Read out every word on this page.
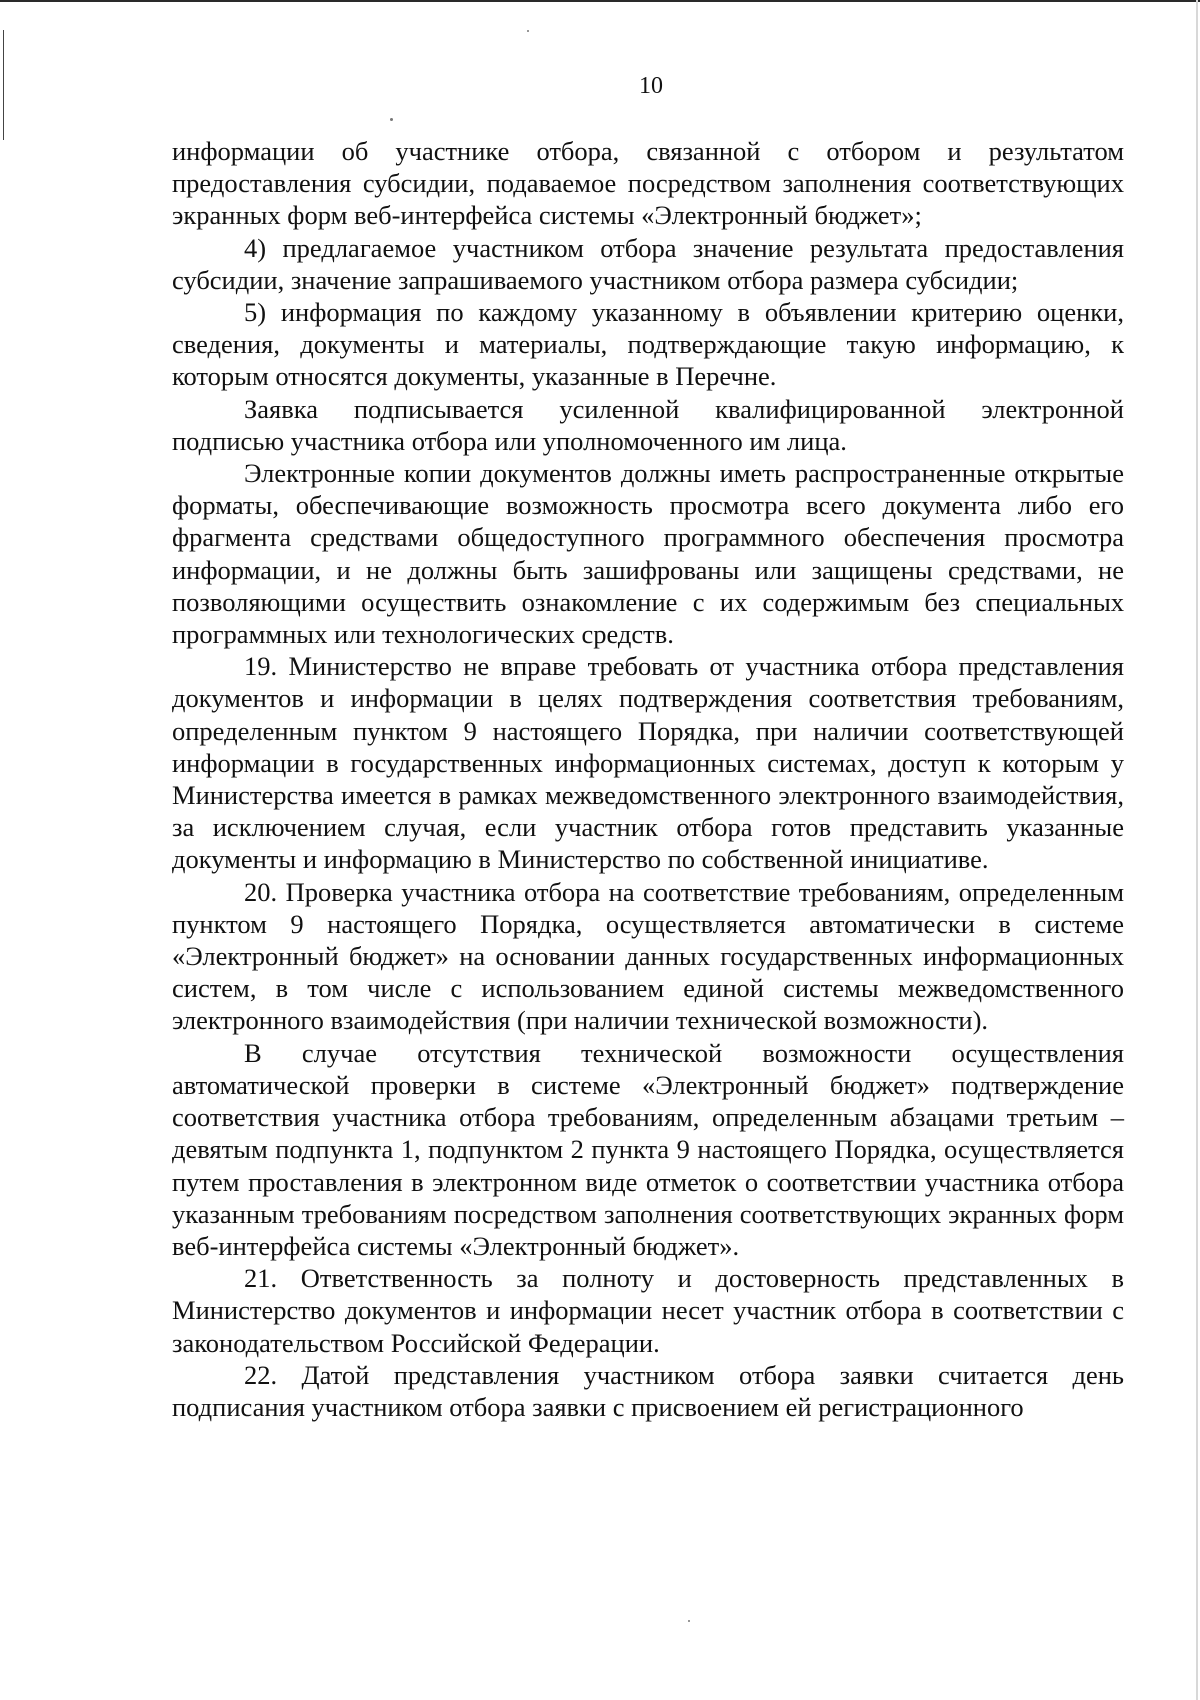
10

информации об участнике отбора, связанной с отбором и результатом предоставления субсидии, подаваемое посредством заполнения соответствующих экранных форм веб-интерфейса системы «Электронный бюджет»;

4) предлагаемое участником отбора значение результата предоставления субсидии, значение запрашиваемого участником отбора размера субсидии;

5) информация по каждому указанному в объявлении критерию оценки, сведения, документы и материалы, подтверждающие такую информацию, к которым относятся документы, указанные в Перечне.

Заявка подписывается усиленной квалифицированной электронной подписью участника отбора или уполномоченного им лица.

Электронные копии документов должны иметь распространенные открытые форматы, обеспечивающие возможность просмотра всего документа либо его фрагмента средствами общедоступного программного обеспечения просмотра информации, и не должны быть зашифрованы или защищены средствами, не позволяющими осуществить ознакомление с их содержимым без специальных программных или технологических средств.

19. Министерство не вправе требовать от участника отбора представления документов и информации в целях подтверждения соответствия требованиям, определенным пунктом 9 настоящего Порядка, при наличии соответствующей информации в государственных информационных системах, доступ к которым у Министерства имеется в рамках межведомственного электронного взаимодействия, за исключением случая, если участник отбора готов представить указанные документы и информацию в Министерство по собственной инициативе.

20. Проверка участника отбора на соответствие требованиям, определенным пунктом 9 настоящего Порядка, осуществляется автоматически в системе «Электронный бюджет» на основании данных государственных информационных систем, в том числе с использованием единой системы межведомственного электронного взаимодействия (при наличии технической возможности).

В случае отсутствия технической возможности осуществления автоматической проверки в системе «Электронный бюджет» подтверждение соответствия участника отбора требованиям, определенным абзацами третьим – девятым подпункта 1, подпунктом 2 пункта 9 настоящего Порядка, осуществляется путем проставления в электронном виде отметок о соответствии участника отбора указанным требованиям посредством заполнения соответствующих экранных форм веб-интерфейса системы «Электронный бюджет».

21. Ответственность за полноту и достоверность представленных в Министерство документов и информации несет участник отбора в соответствии с законодательством Российской Федерации.

22. Датой представления участником отбора заявки считается день подписания участником отбора заявки с присвоением ей регистрационного
